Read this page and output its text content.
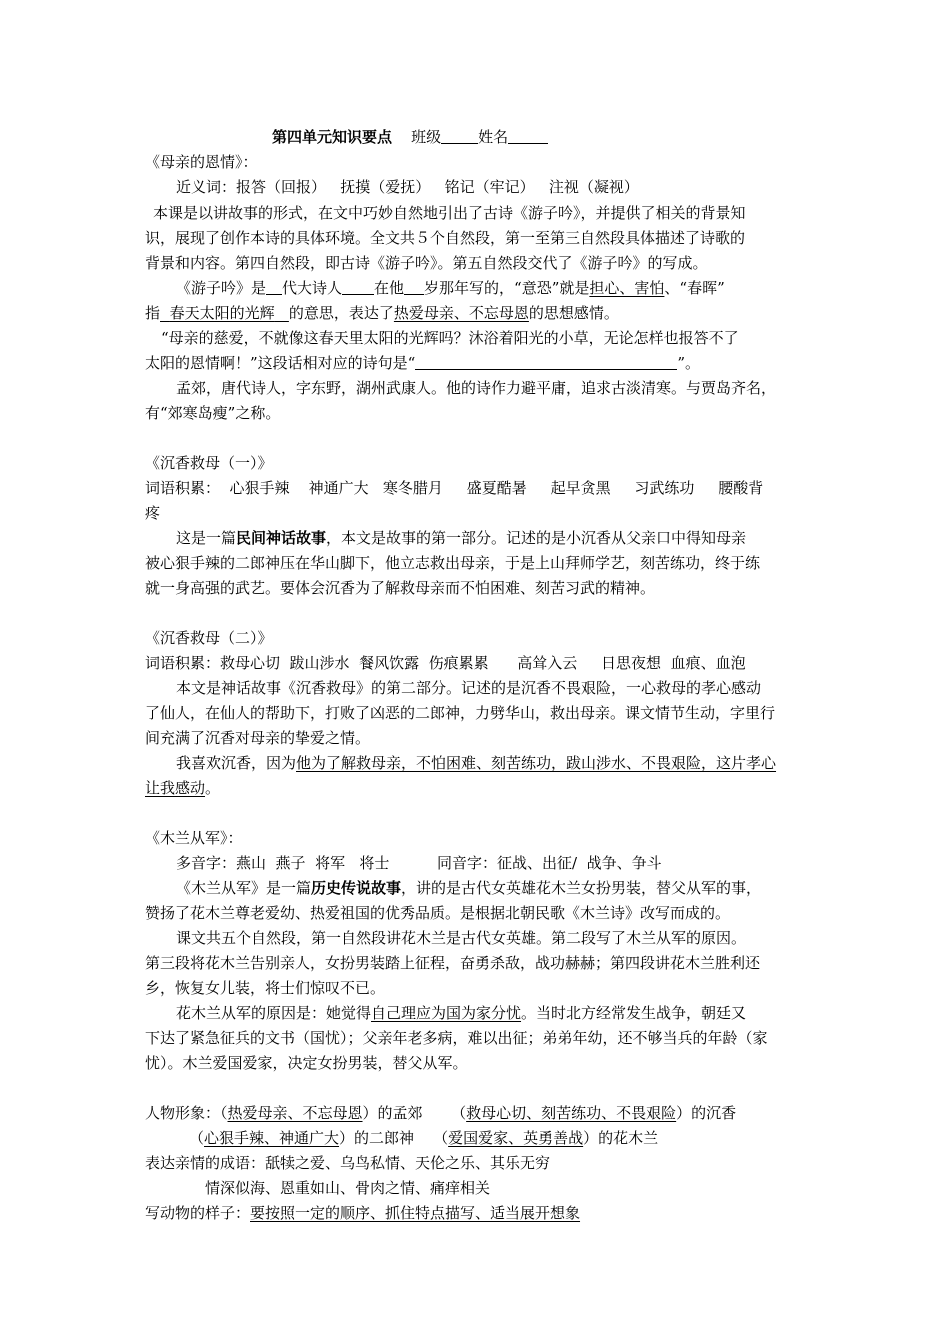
第四单元知识要点 班级 姓名
《母亲的恩情》：
近义词：报答（回报）   抚摸（爱抚）   铭记（牢记）   注视（凝视）
本课是以讲故事的形式，在文中巧妙自然地引出了古诗《游子吟》，并提供了相关的背景知
识，展现了创作本诗的具体环境。全文共５个自然段，第一至第三自然段具体描述了诗歌的
背景和内容。第四自然段，即古诗《游子吟》。第五自然段交代了《游子吟》的写成。
《游子吟》是 代大诗人 在他 岁那年写的，“意恐”就是担心、害怕、“春晖”
指 春天太阳的光辉 的意思，表达了热爱母亲、不忘母恩的思想感情。
“母亲的慈爱，不就像这春天里太阳的光辉吗？沐浴着阳光的小草，无论怎样也报答不了
太阳的恩情啊！”这段话相对应的诗句是“	”。
孟郊，唐代诗人，字东野，湖州武康人。他的诗作力避平庸，追求古淡清寒。与贾岛齐名，
有“郊寒岛瘦”之称。
《沉香救母（一）》
词语积累：  心狠手辣    神通广大   寒冬腊月     盛夏酷暑     起早贪黑     习武练功     腰酸背
疼
这是一篇民间神话故事，本文是故事的第一部分。记述的是小沉香从父亲口中得知母亲
被心狠手辣的二郎神压在华山脚下，他立志救出母亲，于是上山拜师学艺，刻苦练功，终于练
就一身高强的武艺。要体会沉香为了解救母亲而不怕困难、刻苦习武的精神。
《沉香救母（二）》
词语积累：救母心切  跋山涉水  餐风饮露  伤痕累累      高耸入云     日思夜想  血痕、血泡
本文是神话故事《沉香救母》的第二部分。记述的是沉香不畏艰险，一心救母的孝心感动
了仙人，在仙人的帮助下，打败了凶恶的二郎神，力劈华山，救出母亲。课文情节生动，字里行
间充满了沉香对母亲的挚爱之情。
我喜欢沉香，因为他为了解救母亲，不怕困难、刻苦练功，跋山涉水、不畏艰险，这片孝心
让我感动。
《木兰从军》：
多音字：燕山  燕子  将军   将士          同音字：征战、出征/  战争、争斗
《木兰从军》是一篇历史传说故事，讲的是古代女英雄花木兰女扮男装，替父从军的事，
赞扬了花木兰尊老爱幼、热爱祖国的优秀品质。是根据北朝民歌《木兰诗》改写而成的。
课文共五个自然段，第一自然段讲花木兰是古代女英雄。第二段写了木兰从军的原因。
第三段将花木兰告别亲人，女扮男装踏上征程，奋勇杀敌，战功赫赫；第四段讲花木兰胜利还
乡，恢复女儿装，将士们惊叹不已。
花木兰从军的原因是：她觉得自己理应为国为家分忧。当时北方经常发生战争，朝廷又
下达了紧急征兵的文书（国忧）；父亲年老多病，难以出征；弟弟年幼，还不够当兵的年龄（家
忧）。木兰爱国爱家，决定女扮男装，替父从军。
人物形象：（热爱母亲、不忘母恩）的孟郊      （救母心切、刻苦练功、不畏艰险）的沉香
（心狠手辣、神通广大）的二郎神    （爱国爱家、英勇善战）的花木兰
表达亲情的成语：舐犊之爱、乌鸟私情、天伦之乐、其乐无穷
情深似海、恩重如山、骨肉之情、痛痒相关
写动物的样子：要按照一定的顺序、抓住特点描写、适当展开想象
